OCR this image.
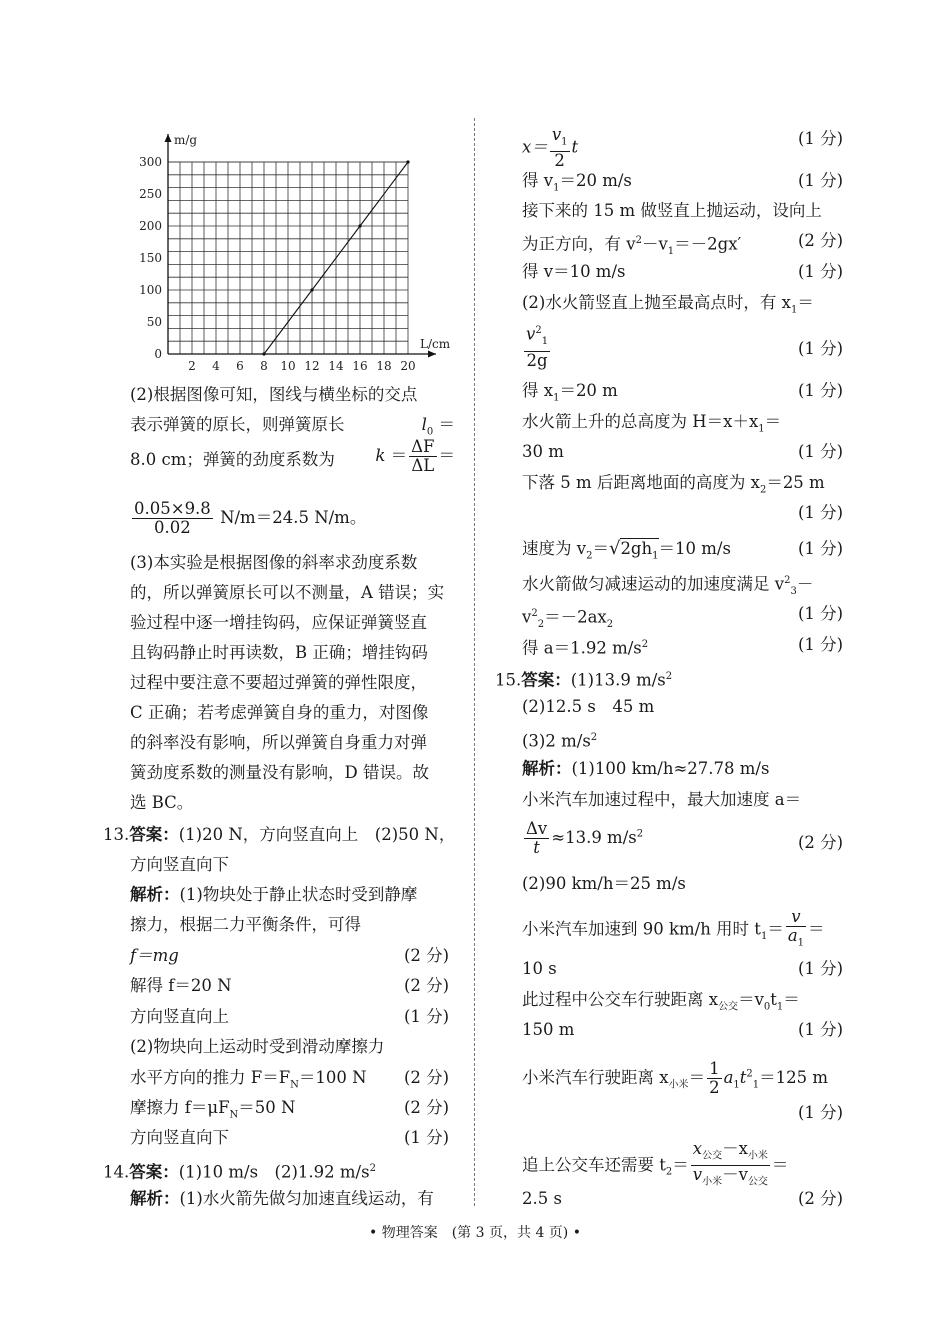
2 4 6 8 10 12 14 16 18 20
0
50
100
150
200
250
300
L/cm
m/g
(2)根据图像可知，图线与横坐标的交点
表示弹簧的原长，则弹簧原长	$l_0$ ＝
8.0 cm；弹簧的劲度系数为 $k = \frac{\Delta F}{\Delta L}$ ＝
$\frac{0.05\times 9.8}{0.02} N/m=24.5$ N/m。
(3)本实验是根据图像的斜率求劲度系数
的，所以弹簧原长可以不测量，A 错误；实
验过程中逐一增挂钩码，应保证弹簧竖直
且钩码静止时再读数，B 正确；增挂钩码
过程中要注意不要超过弹簧的弹性限度，
C 正确；若考虑弹簧自身的重力，对图像
的斜率没有影响，所以弹簧自身重力对弹
簧劲度系数的测量没有影响，D 错误。故
选 BC。
13.答案：(1)20 N，方向竖直向上　(2)50 N，
方向竖直向下
解析：(1)物块处于静止状态时受到静摩
擦力，根据二力平衡条件，可得
f＝mg	(2 分)
解得 f＝20 N	(2 分)
方向竖直向上	(1 分)
(2)物块向上运动时受到滑动摩擦力
水平方向的推力 $F=F_N=100$ N (2 分)
摩擦力 $f=\mu F_N=50$ N	(2 分)
方向竖直向下	(1 分)
14.答案：(1)10 m/s　(2)1.92 $m/s^2$
解析：(1)水火箭先做匀加速直线运动，有
$x= \frac{v_1}{2}$ t	(1 分)
得 $v_1=20$ m/s	(1 分)
接下来的 15 m 做竖直上抛运动，设向上
为正方向，有 $v^2-v_1=-2gx'$	(2 分)
得 v＝10 m/s	(1 分)
(2)水火箭竖直上抛至最高点时，有 $x_1=$
$\frac{v^2_1}{2g}$	(1 分)
得 $x_1=20$ m	(1 分)
水火箭上升的总高度为 $H=x+x_1=$
30 m	(1 分)
下落 5 m 后距离地面的高度为 $x_2=25$ m
(1 分)
速度为 $v_2=√2gh_1=10$ m/s	(1 分)
水火箭做匀减速运动的加速度满足 $v^2_3-$
$v^2_2=-2ax_2$
(1 分)
得 a＝1.92 $m/s^2$	(1 分)
15.答案：(1)13.9 $m/s^2$
(2)12.5 s　45 m
(3)2 $m/s^2$
解析：(1)100 km/h≈27.78 m/s
小米汽车加速过程中，最大加速度 a＝
$\frac{\Delta v}{t} \approx 13.9$ $m/s^2$	(2 分)
(2)90 km/h＝25 m/s
小米汽车加速到 90 km/h 用时 $t_1= \frac{v}{a_1}$ ＝
10 s	(1 分)
此过程中公交车行驶距离 $x_{公交}=v_0t_1=$
150 m	(1 分)
小米汽车行驶距离 $x_{小米}= \frac{1}{2} a_1t^2_1=125$ m
(1 分)
追上公交车还需要 $t_2= \frac{x_{公交}-x_{小米}}{v_{小米}-v_{公交}}$ ＝
2.5 s	(2 分)
• 物理答案　(第 3 页，共 4 页) •
